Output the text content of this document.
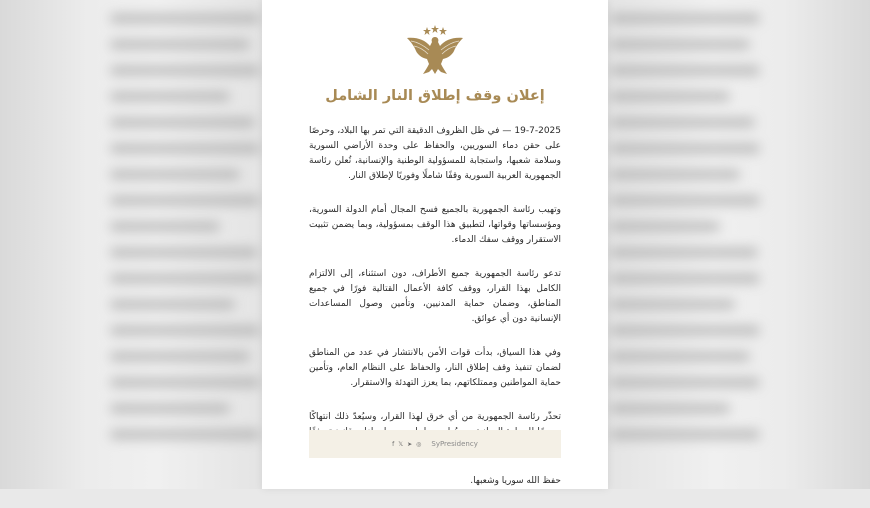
إعلان وقف إطلاق النار الشامل

19-7-2025 — في ظل الظروف الدقيقة التي تمر بها البلاد، وحرصًا على حقن دماء السوريين، والحفاظ على وحدة الأراضي السورية وسلامة شعبها، واستجابة للمسؤولية الوطنية والإنسانية، تُعلن رئاسة الجمهورية العربية السورية وقفًا شاملًا وفوريًا لإطلاق النار.

وتهيب رئاسة الجمهورية بالجميع فسح المجال أمام الدولة السورية، ومؤسساتها وقواتها، لتطبيق هذا الوقف بمسؤولية، وبما يضمن تثبيت الاستقرار ووقف سفك الدماء.

تدعو رئاسة الجمهورية جميع الأطراف، دون استثناء، إلى الالتزام الكامل بهذا القرار، ووقف كافة الأعمال القتالية فورًا في جميع المناطق، وضمان حماية المدنيين، وتأمين وصول المساعدات الإنسانية دون أي عوائق.

وفي هذا السياق، بدأت قوات الأمن بالانتشار في عدد من المناطق لضمان تنفيذ وقف إطلاق النار، والحفاظ على النظام العام، وتأمين حماية المواطنين وممتلكاتهم، بما يعزز التهدئة والاستقرار.

تحذّر رئاسة الجمهورية من أي خرق لهذا القرار، وسيُعدّ ذلك انتهاكًا

حفظ الله سوريا وشعبها.

f 𝕏 ➤ ◎ SyPresidency
